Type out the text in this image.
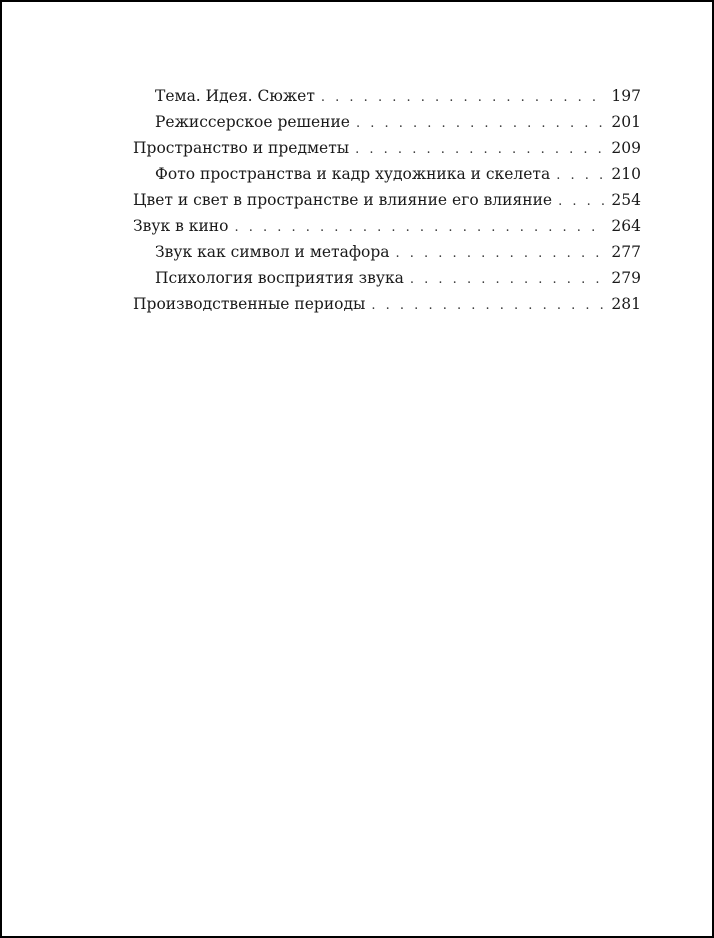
Тема. Идея. Сюжет . . .	197
Режиссерское решение . . .	201
Пространство и предметы . . .	209
Фото пространства и кадр художника и скелета . . .	210
Цвет и свет в пространстве и влияние его влияние . . .	254
Звук в кино . . .	264
Звук как символ и метафора . . .	277
Психология восприятия звука . . .	279
Производственные периоды . . .	281
